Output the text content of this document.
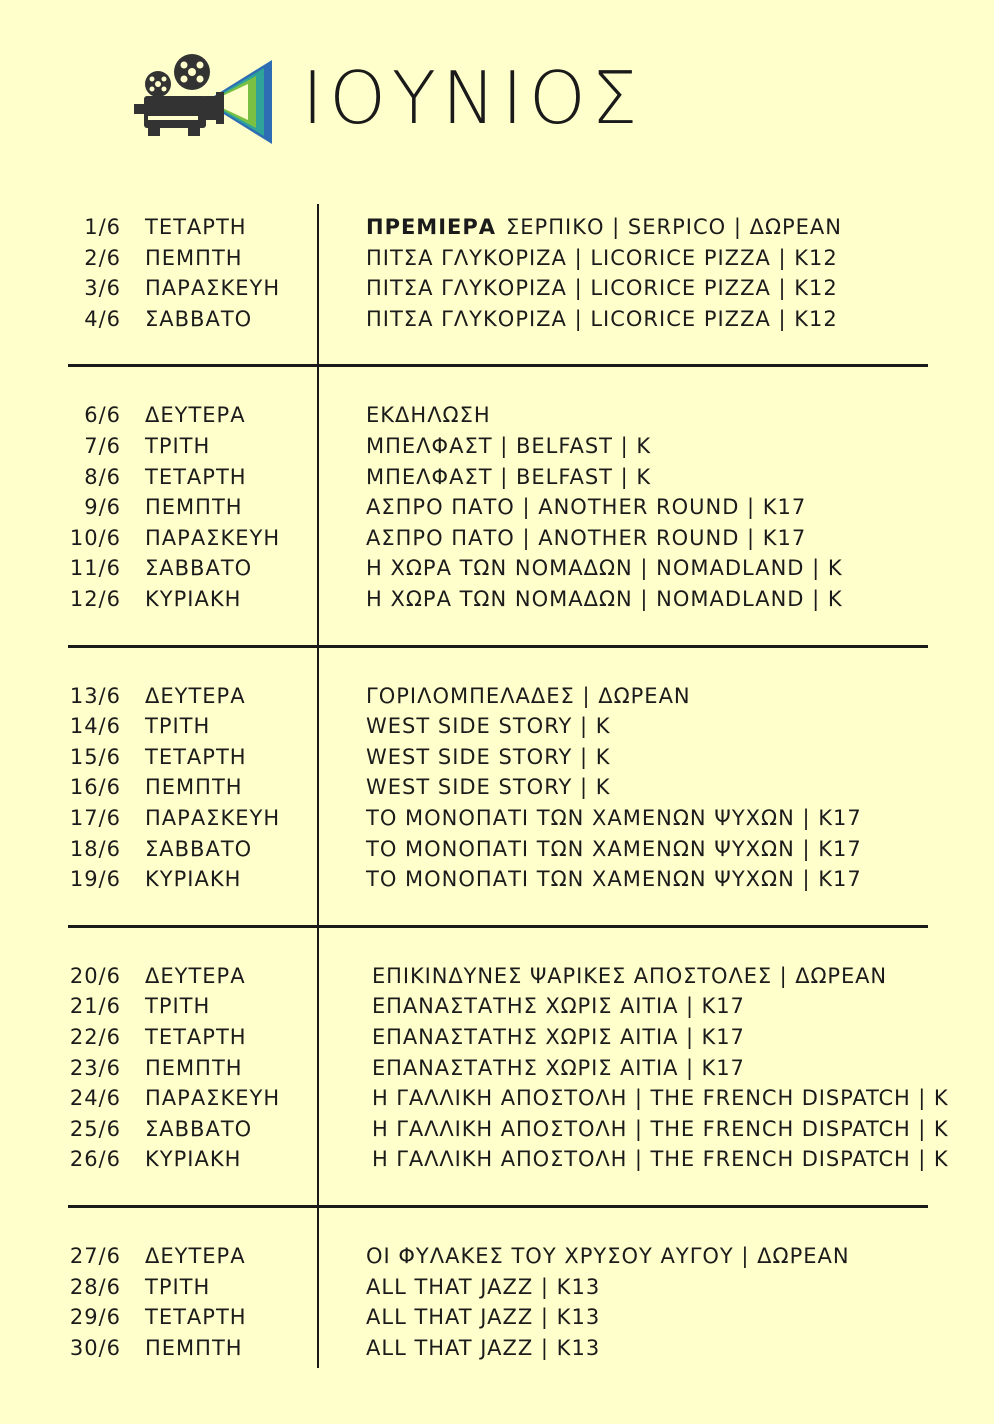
ΙΟΥΝΙΟΣ
1/6 ΤΕΤΑΡΤΗ	ΠΡΕΜΙΕΡΑ ΣΕΡΠΙΚΟ | SERPICO | ΔΩΡΕΑΝ
2/6 ΠΕΜΠΤΗ	ΠΙΤΣΑ ΓΛΥΚΟΡΙΖΑ | LICORICE PIZZA | Κ12
3/6 ΠΑΡΑΣΚΕΥΗ	ΠΙΤΣΑ ΓΛΥΚΟΡΙΖΑ | LICORICE PIZZA | Κ12
4/6 ΣΑΒΒΑΤΟ	ΠΙΤΣΑ ΓΛΥΚΟΡΙΖΑ | LICORICE PIZZA | Κ12
6/6 ΔΕΥΤΕΡΑ	ΕΚΔΗΛΩΣΗ
7/6 ΤΡΙΤΗ	ΜΠΕΛΦΑΣΤ | BELFAST | Κ
8/6 ΤΕΤΑΡΤΗ	ΜΠΕΛΦΑΣΤ | BELFAST | Κ
9/6 ΠΕΜΠΤΗ	ΑΣΠΡΟ ΠΑΤΟ | ANOTHER ROUND | Κ17
10/6 ΠΑΡΑΣΚΕΥΗ	ΑΣΠΡΟ ΠΑΤΟ | ANOTHER ROUND | Κ17
11/6 ΣΑΒΒΑΤΟ	Η ΧΩΡΑ ΤΩΝ ΝΟΜΑΔΩΝ | NOMADLAND | Κ
12/6 ΚΥΡΙΑΚΗ	Η ΧΩΡΑ ΤΩΝ ΝΟΜΑΔΩΝ | NOMADLAND | Κ
13/6 ΔΕΥΤΕΡΑ	ΓΟΡΙΛΟΜΠΕΛΑΔΕΣ | ΔΩΡΕΑΝ
14/6 ΤΡΙΤΗ	WEST SIDE STORY | Κ
15/6 ΤΕΤΑΡΤΗ	WEST SIDE STORY | Κ
16/6 ΠΕΜΠΤΗ	WEST SIDE STORY | Κ
17/6 ΠΑΡΑΣΚΕΥΗ	ΤΟ ΜΟΝΟΠΑΤΙ ΤΩΝ ΧΑΜΕΝΩΝ ΨΥΧΩΝ | Κ17
18/6 ΣΑΒΒΑΤΟ	ΤΟ ΜΟΝΟΠΑΤΙ ΤΩΝ ΧΑΜΕΝΩΝ ΨΥΧΩΝ | Κ17
19/6 ΚΥΡΙΑΚΗ	ΤΟ ΜΟΝΟΠΑΤΙ ΤΩΝ ΧΑΜΕΝΩΝ ΨΥΧΩΝ | Κ17
20/6 ΔΕΥΤΕΡΑ	ΕΠΙΚΙΝΔΥΝΕΣ ΨΑΡΙΚΕΣ ΑΠΟΣΤΟΛΕΣ | ΔΩΡΕΑΝ
21/6 ΤΡΙΤΗ	ΕΠΑΝΑΣΤΑΤΗΣ ΧΩΡΙΣ ΑΙΤΙΑ | Κ17
22/6 ΤΕΤΑΡΤΗ	ΕΠΑΝΑΣΤΑΤΗΣ ΧΩΡΙΣ ΑΙΤΙΑ | Κ17
23/6 ΠΕΜΠΤΗ	ΕΠΑΝΑΣΤΑΤΗΣ ΧΩΡΙΣ ΑΙΤΙΑ | Κ17
24/6 ΠΑΡΑΣΚΕΥΗ	Η ΓΑΛΛΙΚΗ ΑΠΟΣΤΟΛΗ | THE FRENCH DISPATCH | Κ
25/6 ΣΑΒΒΑΤΟ	Η ΓΑΛΛΙΚΗ ΑΠΟΣΤΟΛΗ | THE FRENCH DISPATCH | Κ
26/6 ΚΥΡΙΑΚΗ	Η ΓΑΛΛΙΚΗ ΑΠΟΣΤΟΛΗ | THE FRENCH DISPATCH | Κ
27/6 ΔΕΥΤΕΡΑ	ΟΙ ΦΥΛΑΚΕΣ ΤΟΥ ΧΡΥΣΟΥ ΑΥΓΟΥ | ΔΩΡΕΑΝ
28/6 ΤΡΙΤΗ	ALL THAT JAZZ | Κ13
29/6 ΤΕΤΑΡΤΗ	ALL THAT JAZZ | Κ13
30/6 ΠΕΜΠΤΗ	ALL THAT JAZZ | Κ13
